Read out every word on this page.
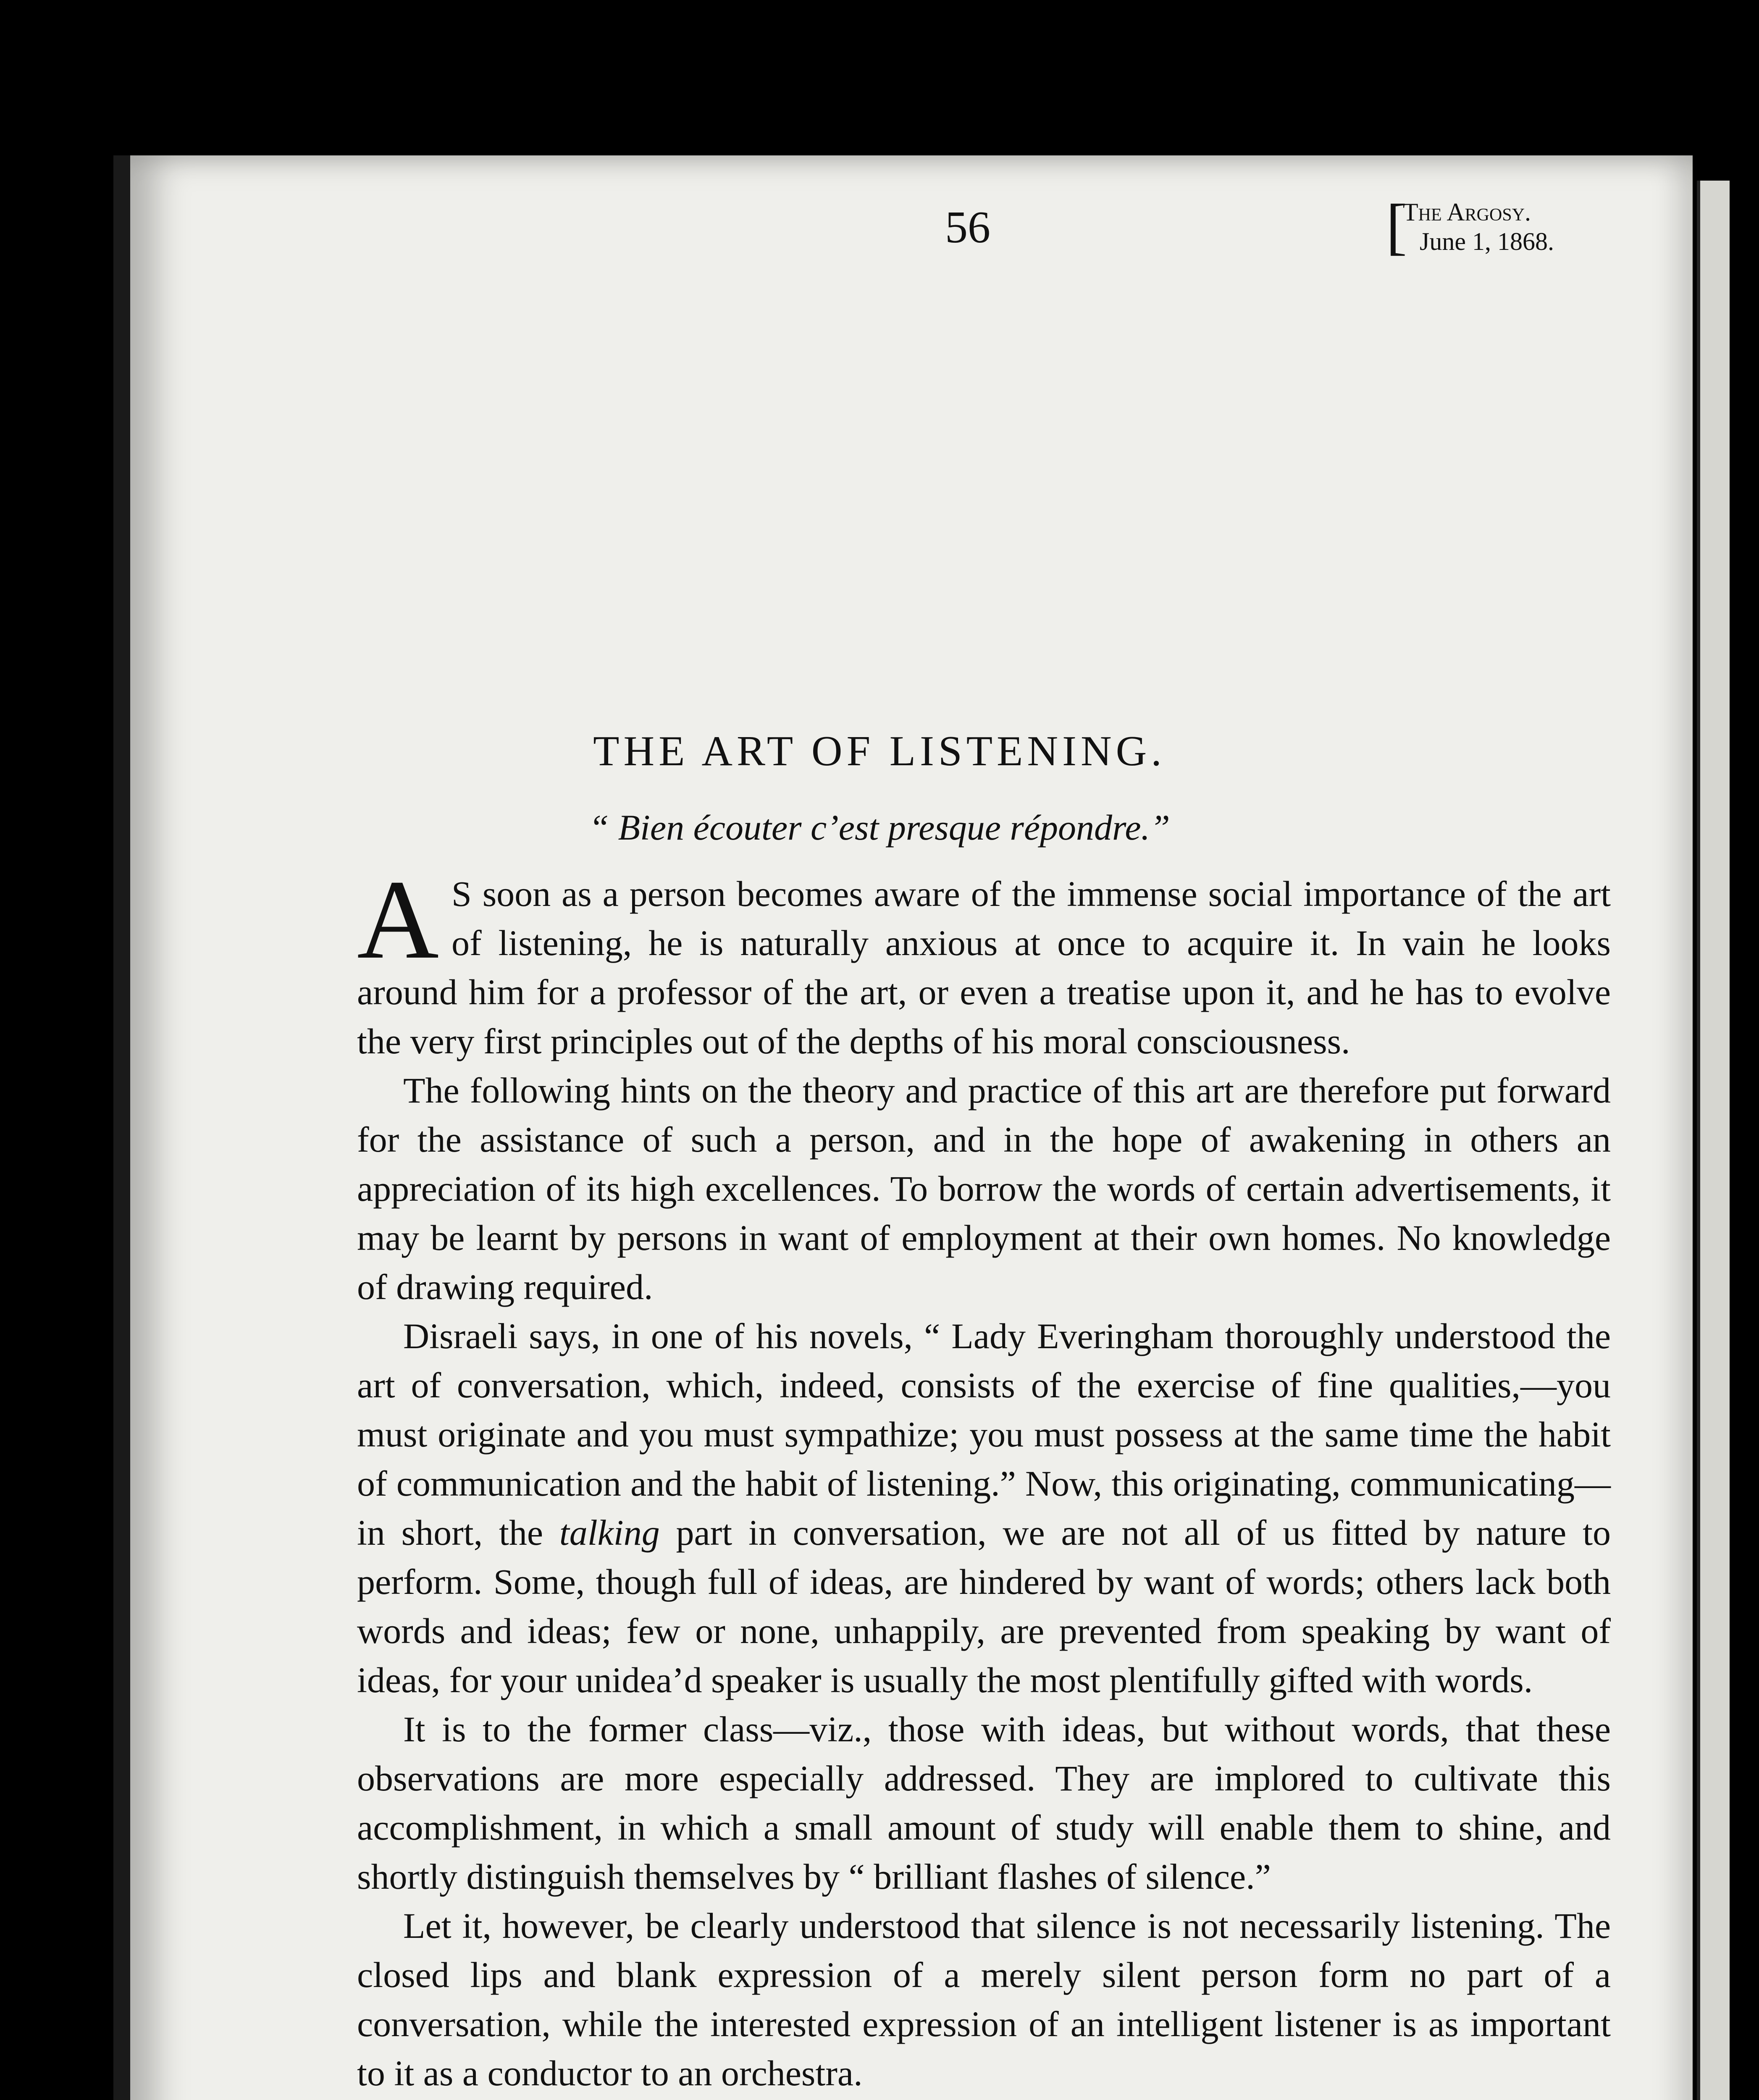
56	[
The Argosy.
June 1, 1868.
THE ART OF LISTENING.
“ Bien écouter c’est presque répondre.”

A S soon as a person becomes aware of the immense social importance of the art of listening, he is naturally anxious at once to acquire it. In vain he looks around him for a professor of the art, or even a treatise upon it, and he has to evolve the very first principles out of the depths of his moral consciousness.

The following hints on the theory and practice of this art are therefore put forward for the assistance of such a person, and in the hope of awakening in others an appreciation of its high excellences. To borrow the words of certain advertisements, it may be learnt by persons in want of employment at their own homes. No knowledge of drawing required.

Disraeli says, in one of his novels, “ Lady Everingham thoroughly understood the art of conversation, which, indeed, consists of the exercise of fine qualities,—you must originate and you must sympathize; you must possess at the same time the habit of communication and the habit of listening.” Now, this originating, communicating—in short, the talking part in conversation, we are not all of us fitted by nature to perform. Some, though full of ideas, are hindered by want of words; others lack both words and ideas; few or none, unhappily, are prevented from speaking by want of ideas, for your unidea’d speaker is usually the most plentifully gifted with words.

It is to the former class—viz., those with ideas, but without words, that these observations are more especially addressed. They are implored to cultivate this accomplishment, in which a small amount of study will enable them to shine, and shortly distinguish themselves by “ brilliant flashes of silence.”

Let it, however, be clearly understood that silence is not necessarily listening. The closed lips and blank expression of a merely silent person form no part of a conversation, while the interested expression of an intelligent listener is as important to it as a conductor to an orchestra.
